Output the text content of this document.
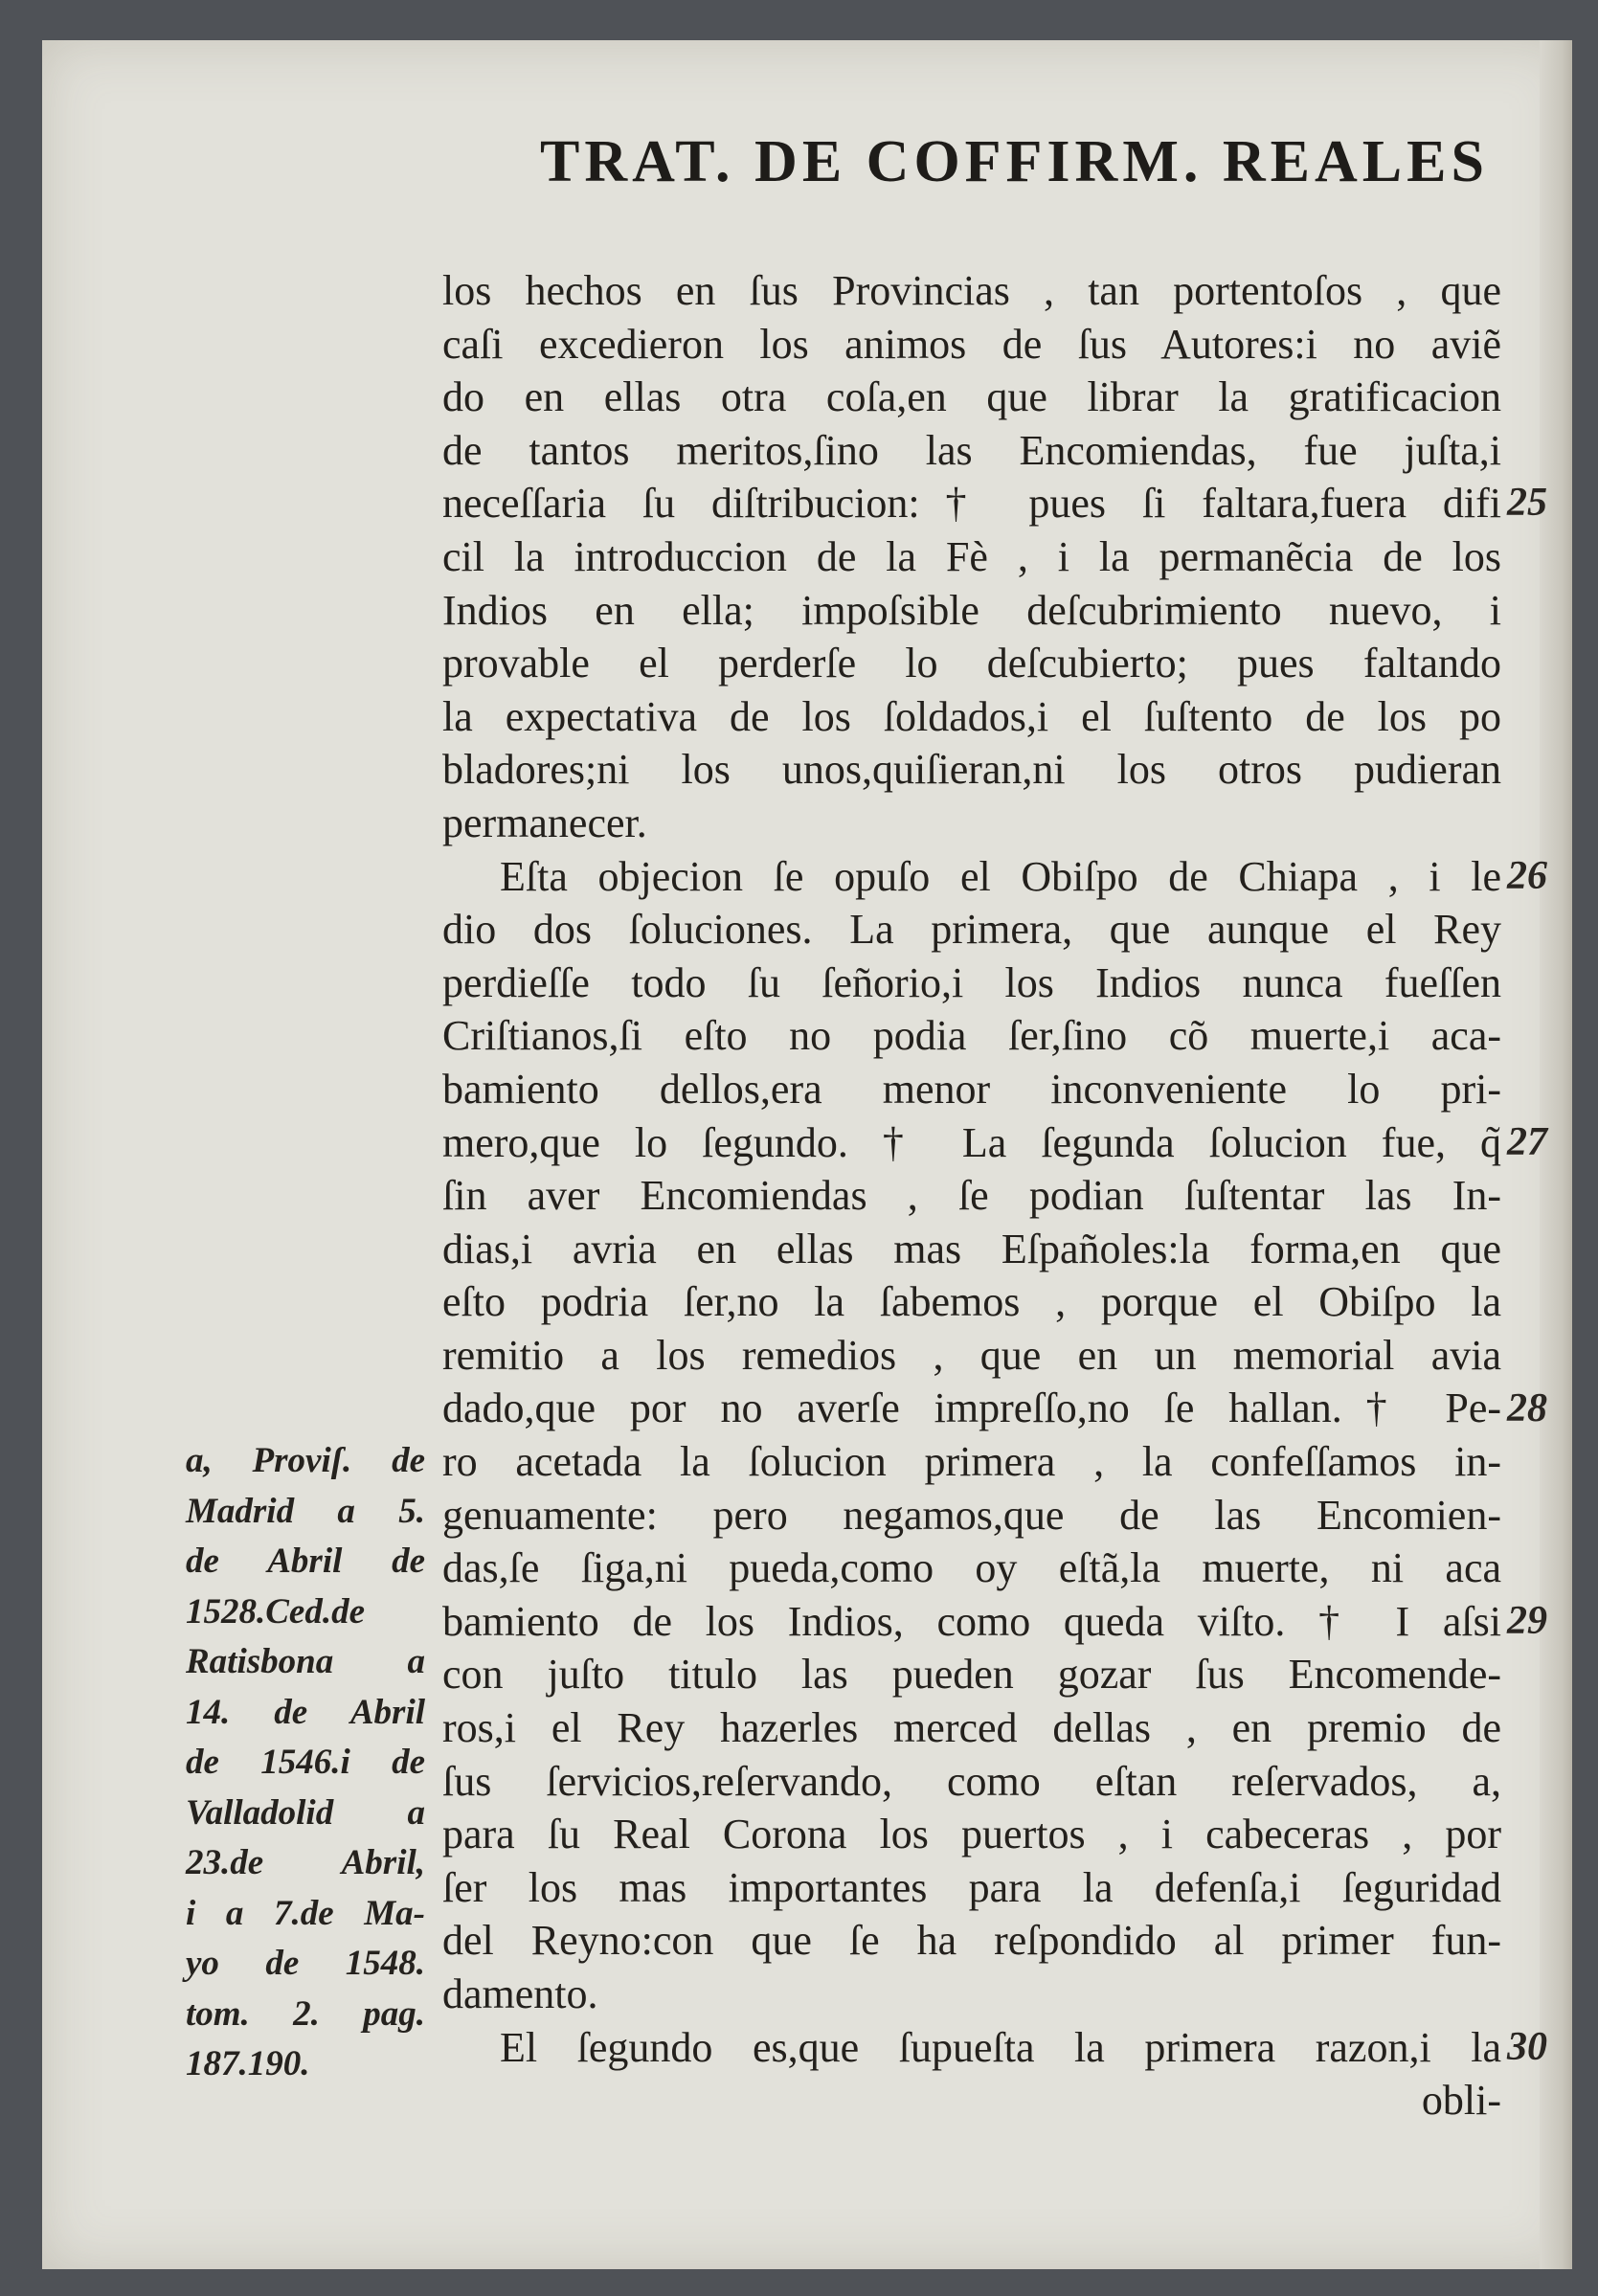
TRAT. DE COFFIRM. REALES
los hechos en ſus Provincias , tan portentoſos , que
caſi excedieron los animos de ſus Autores:i no aviẽ
do en ellas otra coſa,en que librar la gratificacion
de tantos meritos,ſino las Encomiendas, fue juſta,i
neceſſaria ſu diſtribucion:† pues ſi faltara,fuera difi
cil la introduccion de la Fè , i la permanẽcia de los
Indios en ella; impoſsible deſcubrimiento nuevo, i
provable el perderſe lo deſcubierto; pues faltando
la expectativa de los ſoldados,i el ſuſtento de los po
bladores;ni los unos,quiſieran,ni los otros pudieran
permanecer.
Eſta objecion ſe opuſo el Obiſpo de Chiapa , i le
dio dos ſoluciones. La primera, que aunque el Rey
perdieſſe todo ſu ſeñorio,i los Indios nunca fueſſen
Criſtianos,ſi eſto no podia ſer,ſino cõ muerte,i aca-
bamiento dellos,era menor inconveniente lo pri-
mero,que lo ſegundo. † La ſegunda ſolucion fue, q̃
ſin aver Encomiendas , ſe podian ſuſtentar las In-
dias,i avria en ellas mas Eſpañoles:la forma,en que
eſto podria ſer,no la ſabemos , porque el Obiſpo la
remitio a los remedios , que en un memorial avia
dado,que por no averſe impreſſo,no ſe hallan.† Pe-
ro acetada la ſolucion primera , la confeſſamos in-
genuamente: pero negamos,que de las Encomien-
das,ſe ſiga,ni pueda,como oy eſtã,la muerte, ni aca
bamiento de los Indios, como queda viſto. † I aſsi
con juſto titulo las pueden gozar ſus Encomende-
ros,i el Rey hazerles merced dellas , en premio de
ſus ſervicios,reſervando, como eſtan reſervados, a,
para ſu Real Corona los puertos , i cabeceras , por
ſer los mas importantes para la defenſa,i ſeguridad
del Reyno:con que ſe ha reſpondido al primer fun-
damento.
El ſegundo es,que ſupueſta la primera razon,i la
obli-
25
26
27
28
29
30
a, Proviſ. de
Madrid a 5.
de Abril de
1528.Ced.de
Ratisbona a
14. de Abril
de 1546.i de
Valladolid a
23.de Abril,
i a 7.de Ma-
yo de 1548.
tom. 2. pag.
187.190.
